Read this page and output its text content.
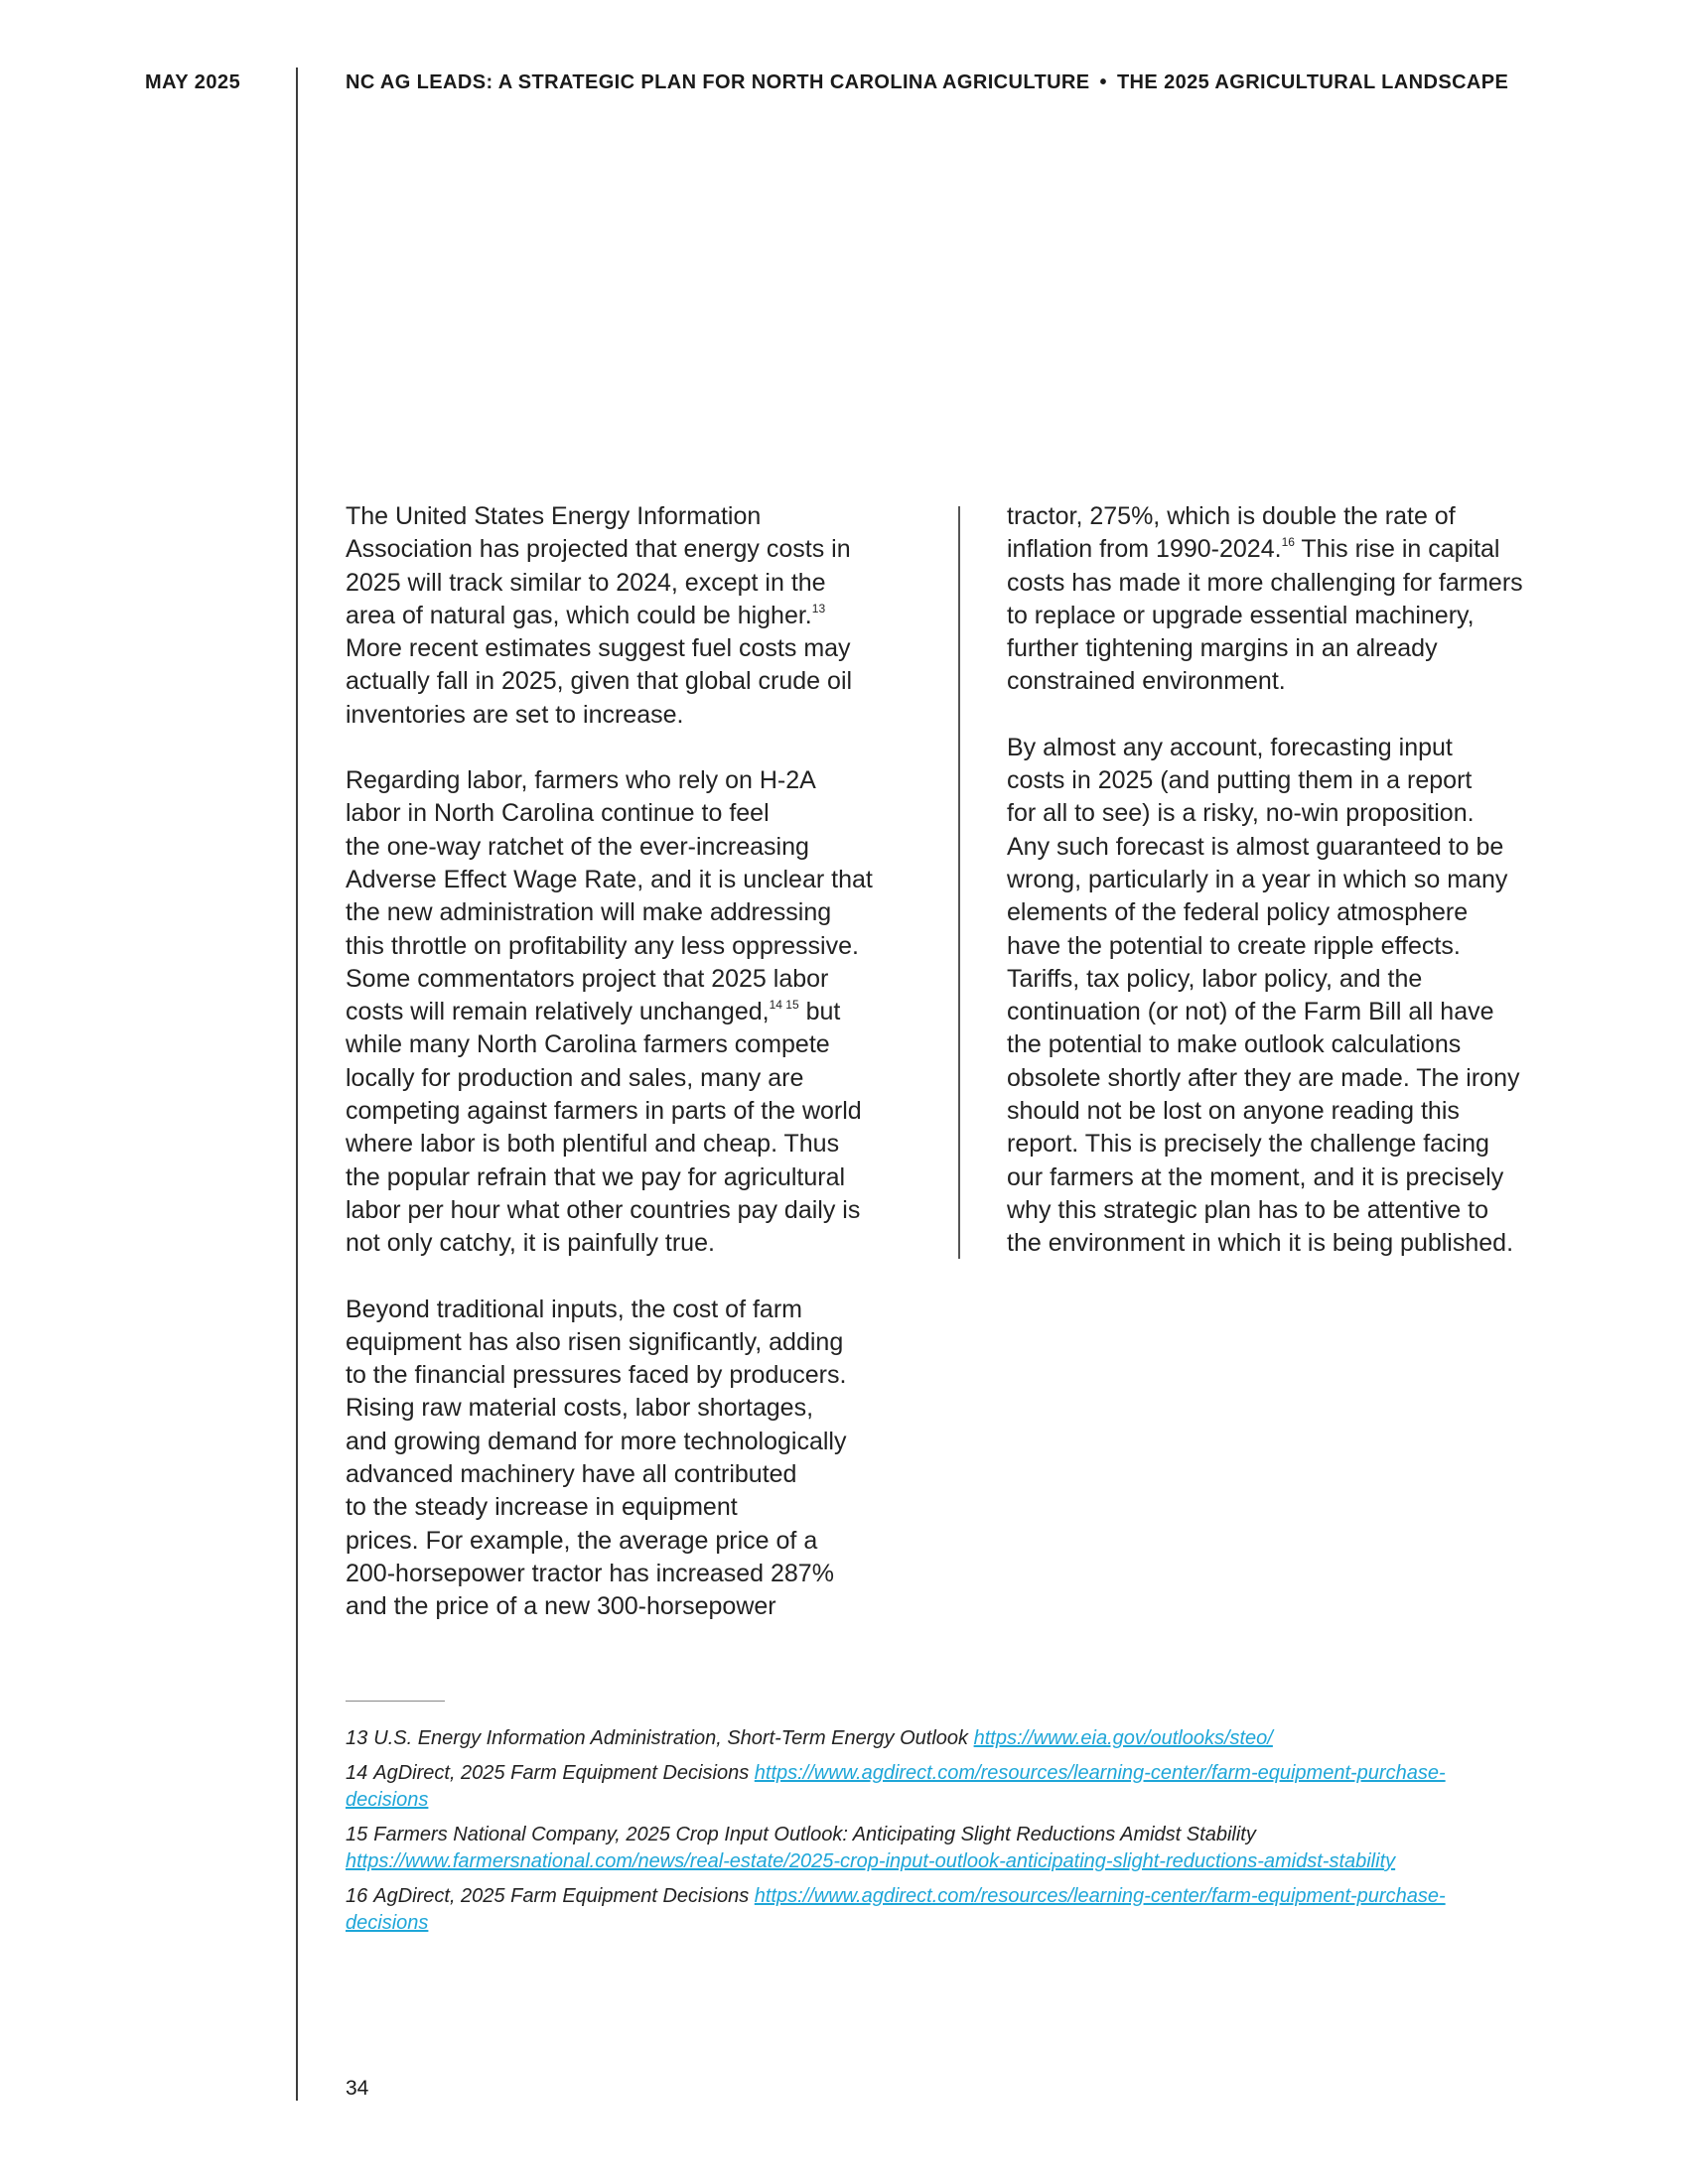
MAY 2025	NC AG LEADS: A STRATEGIC PLAN FOR NORTH CAROLINA AGRICULTURE • THE 2025 AGRICULTURAL LANDSCAPE

The United States Energy Information
Association has projected that energy costs in
2025 will track similar to 2024, except in the
area of natural gas, which could be higher.$^{13}$
More recent estimates suggest fuel costs may
actually fall in 2025, given that global crude oil
inventories are set to increase.

Regarding labor, farmers who rely on H-2A
labor in North Carolina continue to feel
the one-way ratchet of the ever-increasing
Adverse Effect Wage Rate, and it is unclear that
the new administration will make addressing
this throttle on profitability any less oppressive.
Some commentators project that 2025 labor
costs will remain relatively unchanged,$^{14 15}$ but
while many North Carolina farmers compete
locally for production and sales, many are
competing against farmers in parts of the world
where labor is both plentiful and cheap. Thus
the popular refrain that we pay for agricultural
labor per hour what other countries pay daily is
not only catchy, it is painfully true.

Beyond traditional inputs, the cost of farm
equipment has also risen significantly, adding
to the financial pressures faced by producers.
Rising raw material costs, labor shortages,
and growing demand for more technologically
advanced machinery have all contributed
to the steady increase in equipment
prices. For example, the average price of a
200-horsepower tractor has increased 287%
and the price of a new 300-horsepower

tractor, 275%, which is double the rate of
inflation from 1990-2024.16 This rise in capital
costs has made it more challenging for farmers
to replace or upgrade essential machinery,
further tightening margins in an already
constrained environment.

By almost any account, forecasting input
costs in 2025 (and putting them in a report
for all to see) is a risky, no-win proposition.
Any such forecast is almost guaranteed to be
wrong, particularly in a year in which so many
elements of the federal policy atmosphere
have the potential to create ripple effects.
Tariffs, tax policy, labor policy, and the
continuation (or not) of the Farm Bill all have
the potential to make outlook calculations
obsolete shortly after they are made. The irony
should not be lost on anyone reading this
report. This is precisely the challenge facing
our farmers at the moment, and it is precisely
why this strategic plan has to be attentive to
the environment in which it is being published.

13 U.S. Energy Information Administration, Short-Term Energy Outlook https://www.eia.gov/outlooks/steo/
14 AgDirect, 2025 Farm Equipment Decisions https://www.agdirect.com/resources/learning-center/farm-equipment-purchase-decisions
15 Farmers National Company, 2025 Crop Input Outlook: Anticipating Slight Reductions Amidst Stability https://www.farmersnational.com/news/real-estate/2025-crop-input-outlook-anticipating-slight-reductions-amidst-stability
16 AgDirect, 2025 Farm Equipment Decisions https://www.agdirect.com/resources/learning-center/farm-equipment-purchase-decisions
34
